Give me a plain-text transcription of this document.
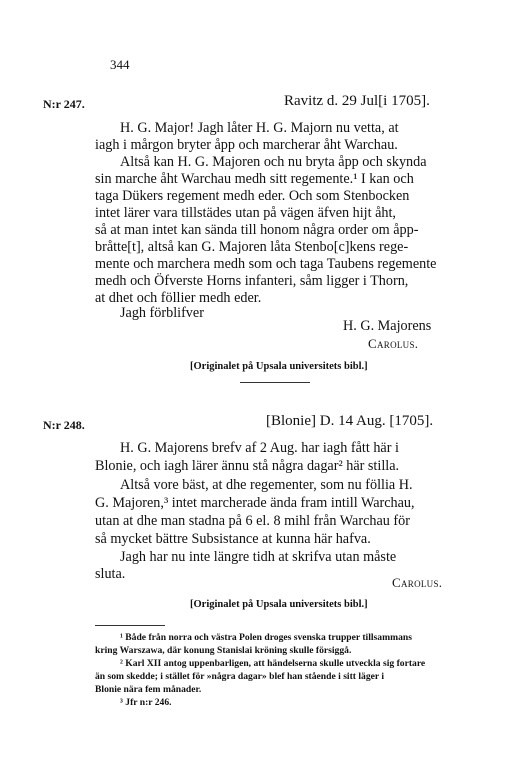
344
N:r 247.	Ravitz d. 29 Jul[i 1705].
H. G. Major! Jagh låter H. G. Majorn nu vetta, at
iagh i mårgon bryter åpp och marcherar åht Warchau.
Altså kan H. G. Majoren och nu bryta åpp och skynda
sin marche åht Warchau medh sitt regemente.¹ I kan och
taga Dükers regement medh eder. Och som Stenbocken
intet lärer vara tillstädes utan på vägen äfven hijt åht,
så at man intet kan sända till honom några order om åpp-
bråtte[t], altså kan G. Majoren låta Stenbo[c]kens rege-
mente och marchera medh som och taga Taubens regemente
medh och Öfverste Horns infanteri, såm ligger i Thorn,
at dhet och föllier medh eder.
Jagh förblifver
H. G. Majorens
Carolus.
[Originalet på Upsala universitets bibl.]
N:r 248.	[Blonie] D. 14 Aug. [1705].
H. G. Majorens brefv af 2 Aug. har iagh fått här i
Blonie, och iagh lärer ännu stå några dagar² här stilla.
Altså vore bäst, at dhe regementer, som nu föllia H.
G. Majoren,³ intet marcherade ända fram intill Warchau,
utan at dhe man stadna på 6 el. 8 mihl från Warchau för
så mycket bättre Subsistance at kunna här hafva.
Jagh har nu inte längre tidh at skrifva utan måste
sluta.
Carolus.
[Originalet på Upsala universitets bibl.]
¹ Både från norra och västra Polen droges svenska trupper tillsammans
kring Warszawa, där konung Stanislai kröning skulle försiggå.
² Karl XII antog uppenbarligen, att händelserna skulle utveckla sig fortare
än som skedde; i stället för »några dagar» blef han stående i sitt läger i
Blonie nära fem månader.
³ Jfr n:r 246.
